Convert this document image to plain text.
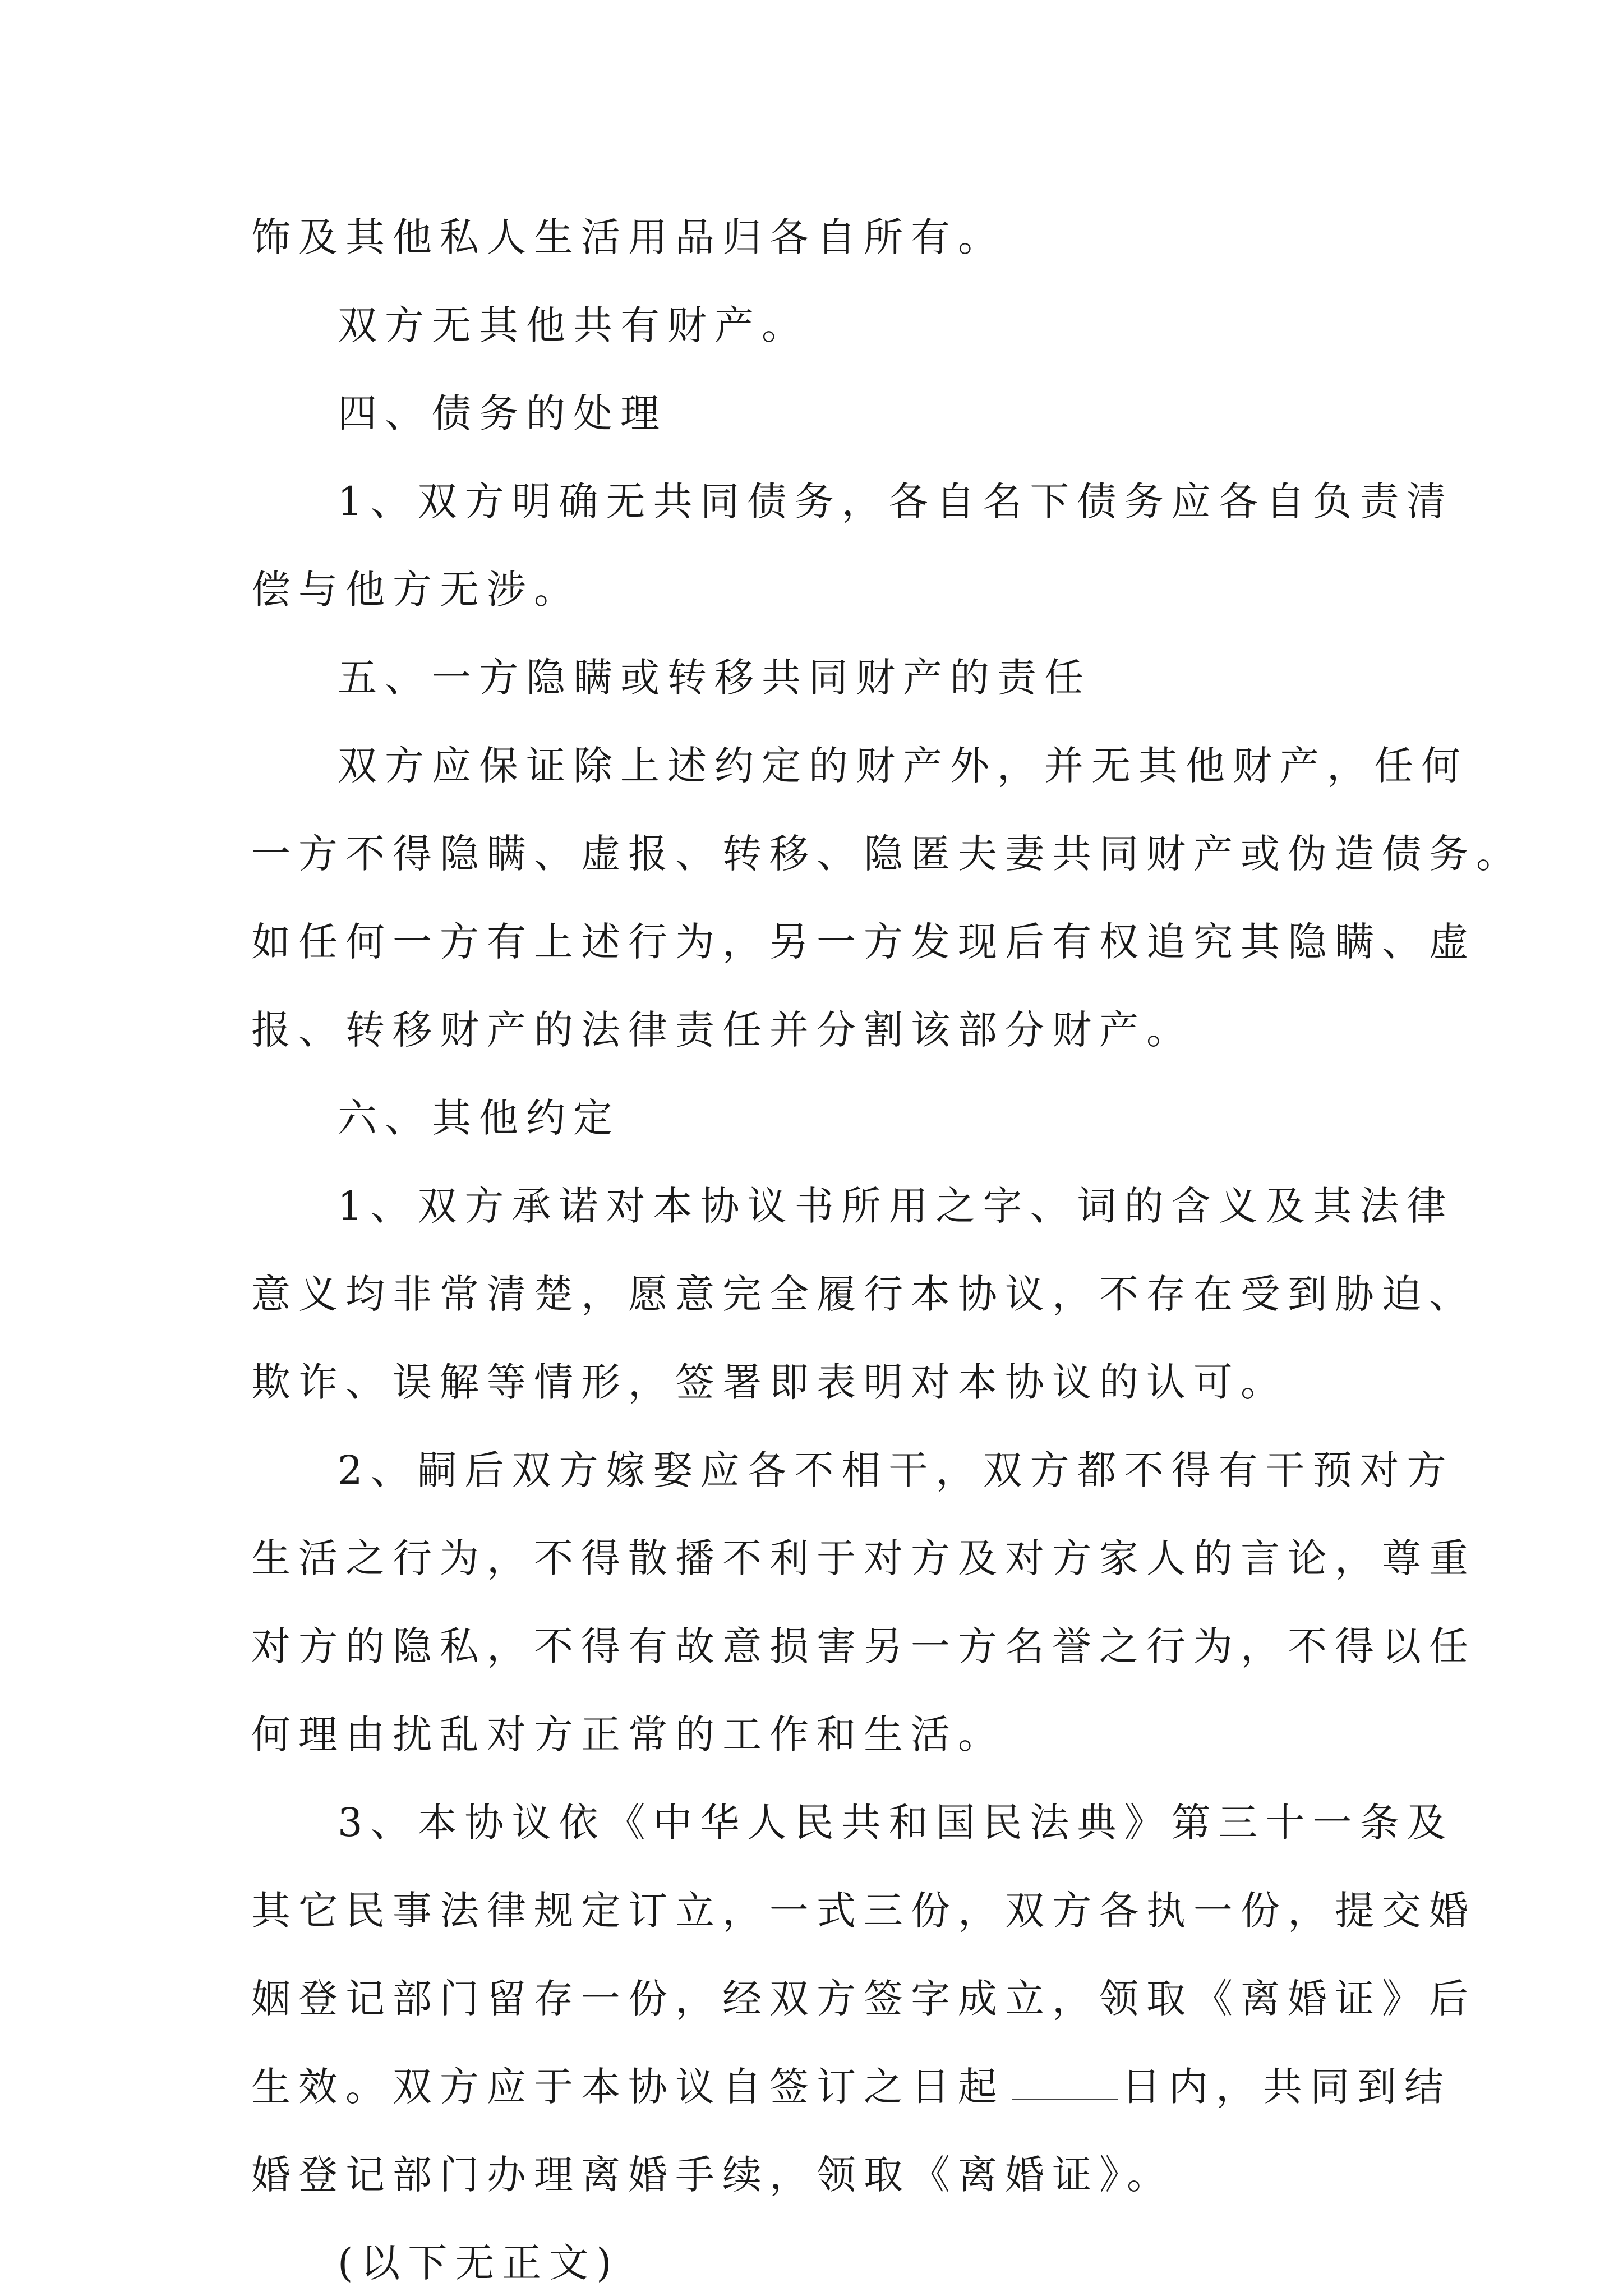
饰及其他私人生活用品归各自所有。
双方无其他共有财产。
四、债务的处理
1、双方明确无共同债务，各自名下债务应各自负责清
偿与他方无涉。
五、一方隐瞒或转移共同财产的责任
双方应保证除上述约定的财产外，并无其他财产，任何
一方不得隐瞒、虚报、转移、隐匿夫妻共同财产或伪造债务。
如任何一方有上述行为，另一方发现后有权追究其隐瞒、虚
报、转移财产的法律责任并分割该部分财产。
六、其他约定
1、双方承诺对本协议书所用之字、词的含义及其法律
意义均非常清楚，愿意完全履行本协议，不存在受到胁迫、
欺诈、误解等情形，签署即表明对本协议的认可。
2、嗣后双方嫁娶应各不相干，双方都不得有干预对方
生活之行为，不得散播不利于对方及对方家人的言论，尊重
对方的隐私，不得有故意损害另一方名誉之行为，不得以任
何理由扰乱对方正常的工作和生活。
3、本协议依《中华人民共和国民法典》第三十一条及
其它民事法律规定订立，一式三份，双方各执一份，提交婚
姻登记部门留存一份，经双方签字成立，领取《离婚证》后
生效。双方应于本协议自签订之日起	日内，共同到结
婚登记部门办理离婚手续，领取《离婚证》。
(以下无正文)
